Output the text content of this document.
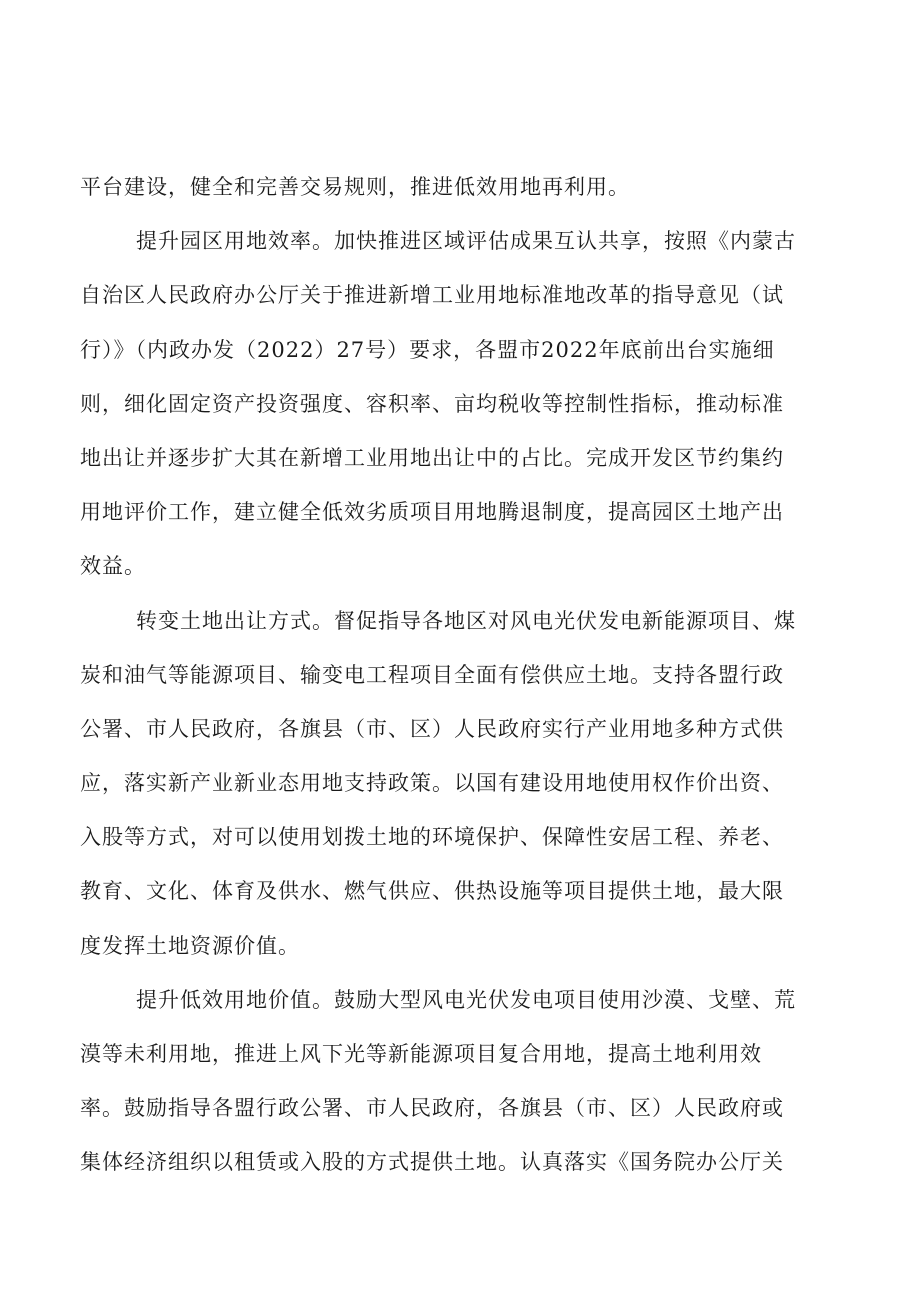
平台建设，健全和完善交易规则，推进低效用地再利用。
提升园区用地效率。加快推进区域评估成果互认共享，按照《内蒙古
自治区人民政府办公厅关于推进新增工业用地标准地改革的指导意见（试
行）》（内政办发（2022）27号）要求，各盟市2022年底前出台实施细
则，细化固定资产投资强度、容积率、亩均税收等控制性指标，推动标准
地出让并逐步扩大其在新增工业用地出让中的占比。完成开发区节约集约
用地评价工作，建立健全低效劣质项目用地腾退制度，提高园区土地产出
效益。
转变土地出让方式。督促指导各地区对风电光伏发电新能源项目、煤
炭和油气等能源项目、输变电工程项目全面有偿供应土地。支持各盟行政
公署、市人民政府，各旗县（市、区）人民政府实行产业用地多种方式供
应，落实新产业新业态用地支持政策。以国有建设用地使用权作价出资、
入股等方式，对可以使用划拨土地的环境保护、保障性安居工程、养老、
教育、文化、体育及供水、燃气供应、供热设施等项目提供土地，最大限
度发挥土地资源价值。
提升低效用地价值。鼓励大型风电光伏发电项目使用沙漠、戈壁、荒
漠等未利用地，推进上风下光等新能源项目复合用地，提高土地利用效
率。鼓励指导各盟行政公署、市人民政府，各旗县（市、区）人民政府或
集体经济组织以租赁或入股的方式提供土地。认真落实《国务院办公厅关
